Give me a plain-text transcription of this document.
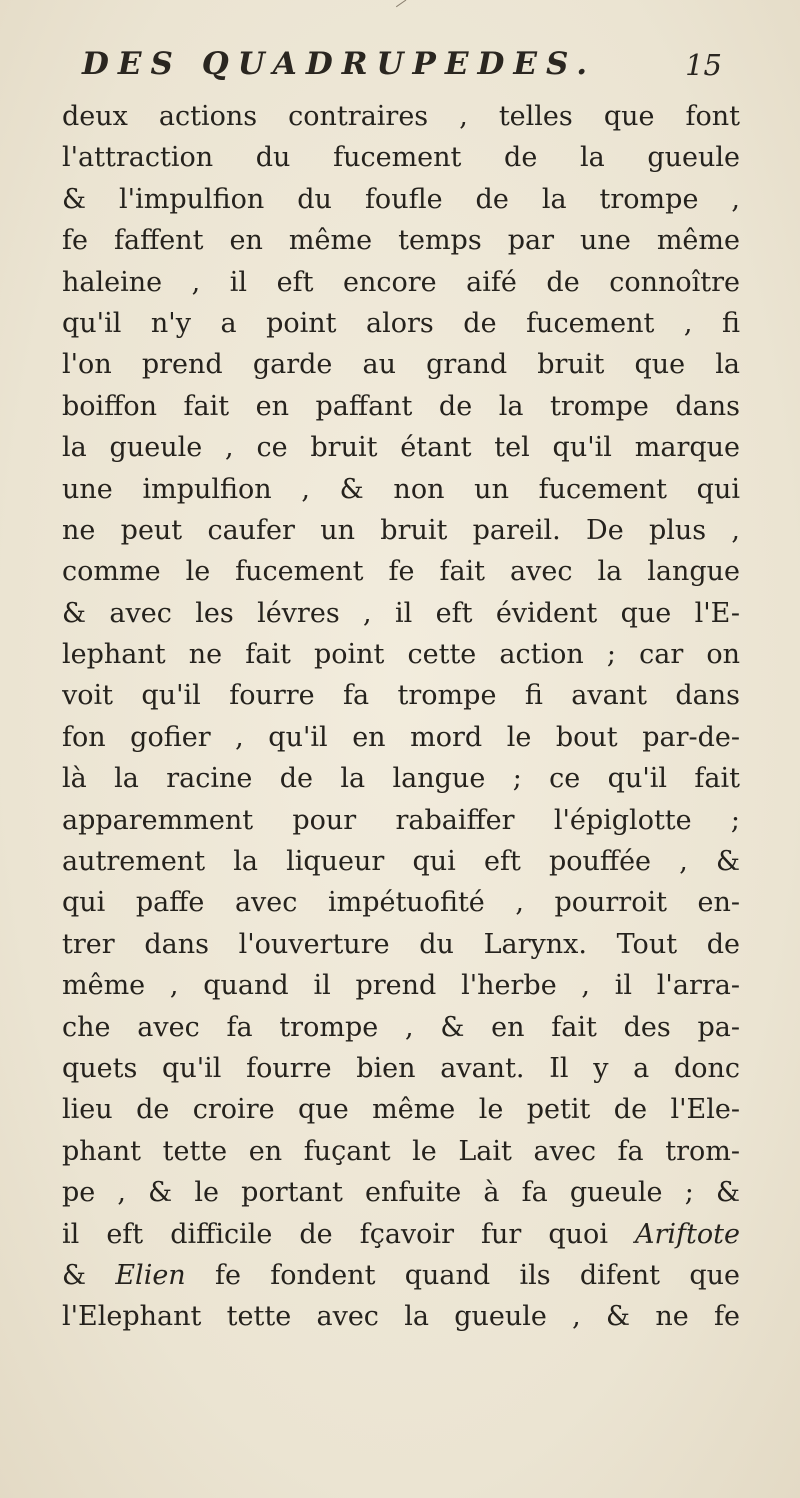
DES QUADRUPEDES.	15
deux actions contraires , telles que font
l'attraction du fucement de la gueule
& l'impulfion du foufle de la trompe ,
fe faffent en même temps par une même
haleine , il eft encore aifé de connoître
qu'il n'y a point alors de fucement , fi
l'on prend garde au grand bruit que la
boiffon fait en paffant de la trompe dans
la gueule , ce bruit étant tel qu'il marque
une impulfion , & non un fucement qui
ne peut caufer un bruit pareil. De plus ,
comme le fucement fe fait avec la langue
& avec les lévres , il eft évident que l'E-
lephant ne fait point cette action ; car on
voit qu'il fourre fa trompe fi avant dans
fon gofier , qu'il en mord le bout par-de-
là la racine de la langue ; ce qu'il fait
apparemment pour rabaiffer l'épiglotte ;
autrement la liqueur qui eft pouffée , &
qui paffe avec impétuofité , pourroit en-
trer dans l'ouverture du Larynx. Tout de
même , quand il prend l'herbe , il l'arra-
che avec fa trompe , & en fait des pa-
quets qu'il fourre bien avant. Il y a donc
lieu de croire que même le petit de l'Ele-
phant tette en fuçant le Lait avec fa trom-
pe , & le portant enfuite à fa gueule ; &
il eft difficile de fçavoir fur quoi Ariftote
& Elien fe fondent quand ils difent que
l'Elephant tette avec la gueule , & ne fe
